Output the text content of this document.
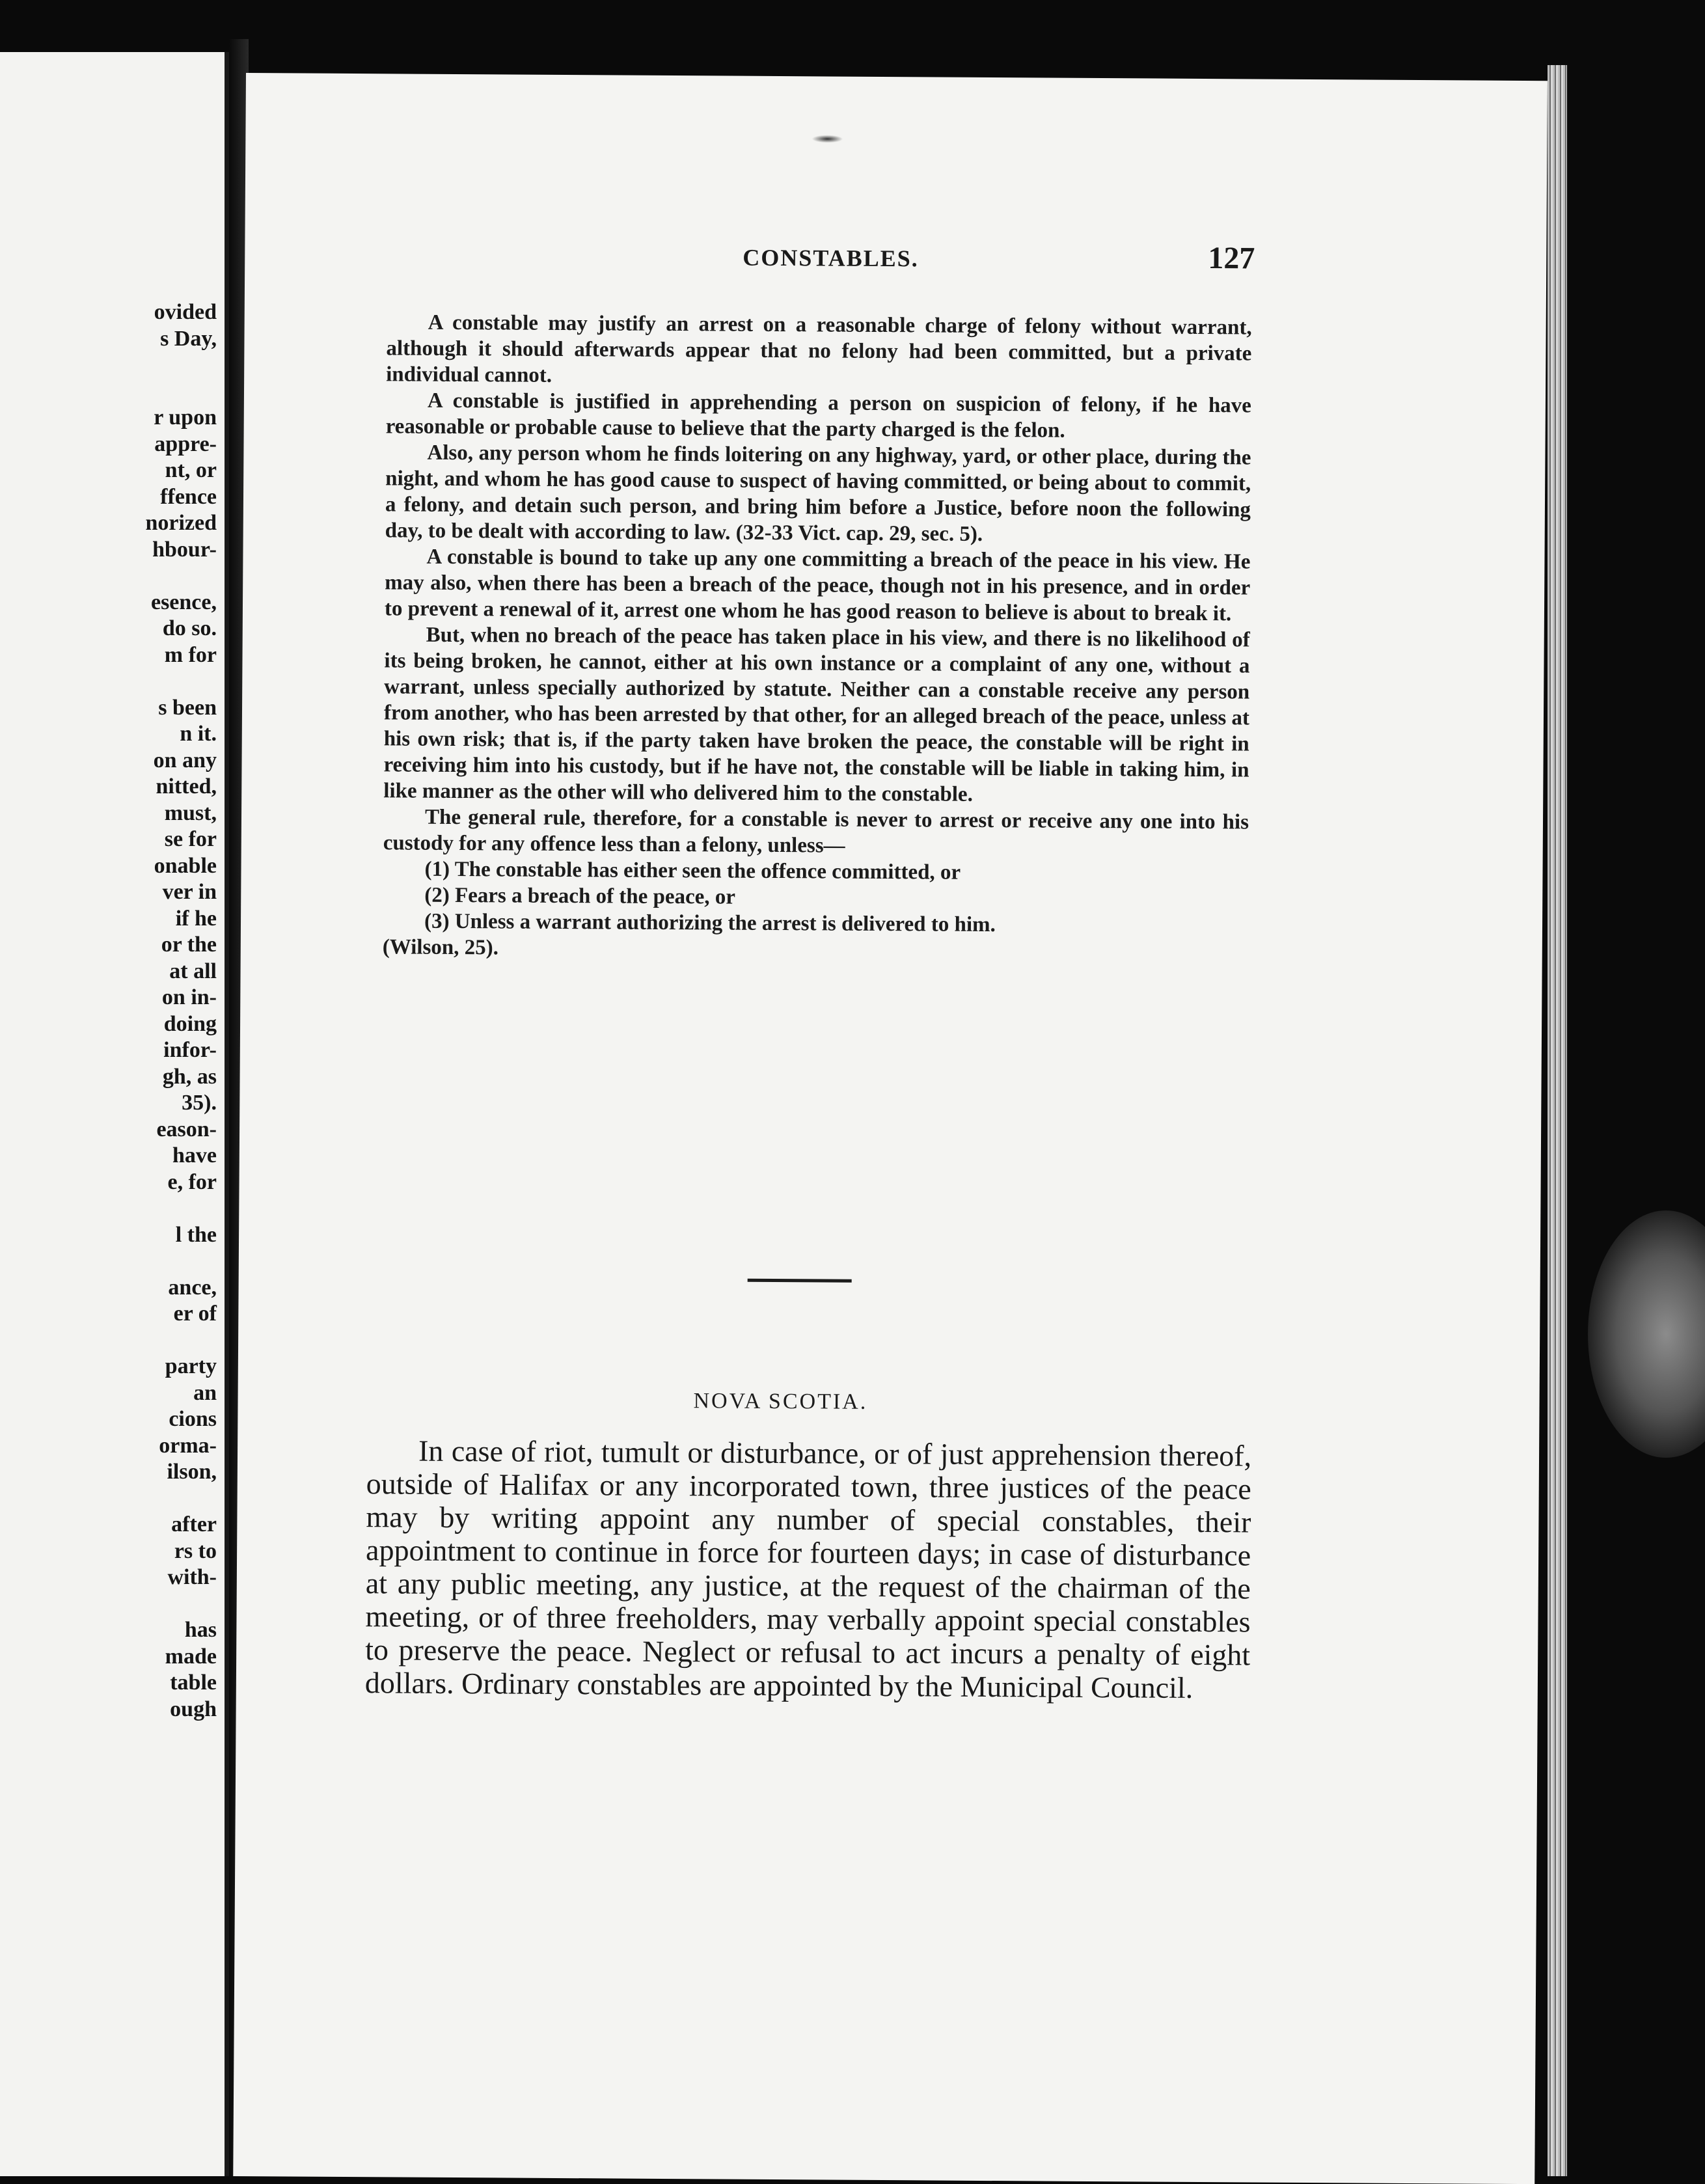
ovided
s Day,
r upon
appre-
nt, or
ffence
norized
hbour-
esence,
do so.
m for
s been
n it.
on any
nitted,
must,
se for
onable
ver in
if he
or the
at all
on in-
doing
infor-
gh, as
35).
eason-
have
e, for
l the
ance,
er of
party
an
cions
orma-
ilson,
after
rs to
with-
has
made
table
ough
CONSTABLES.	127

A constable may justify an arrest on a reasonable charge of felony without warrant, although it should afterwards appear that no felony had been committed, but a private individual cannot.

A constable is justified in apprehending a person on suspicion of felony, if he have reasonable or probable cause to believe that the party charged is the felon.

Also, any person whom he finds loitering on any highway, yard, or other place, during the night, and whom he has good cause to suspect of having committed, or being about to commit, a felony, and detain such person, and bring him before a Justice, before noon the following day, to be dealt with according to law. (32-33 Vict. cap. 29, sec. 5).

A constable is bound to take up any one committing a breach of the peace in his view. He may also, when there has been a breach of the peace, though not in his presence, and in order to prevent a renewal of it, arrest one whom he has good reason to believe is about to break it.

But, when no breach of the peace has taken place in his view, and there is no likelihood of its being broken, he cannot, either at his own instance or a complaint of any one, without a warrant, unless specially authorized by statute. Neither can a constable receive any person from another, who has been arrested by that other, for an alleged breach of the peace, unless at his own risk; that is, if the party taken have broken the peace, the constable will be right in receiving him into his custody, but if he have not, the constable will be liable in taking him, in like manner as the other will who delivered him to the constable.

The general rule, therefore, for a constable is never to arrest or receive any one into his custody for any offence less than a felony, unless—

(1) The constable has either seen the offence committed, or
(2) Fears a breach of the peace, or
(3) Unless a warrant authorizing the arrest is delivered to him.

(Wilson, 25).

NOVA SCOTIA.

In case of riot, tumult or disturbance, or of just apprehension thereof, outside of Halifax or any incorporated town, three justices of the peace may by writing appoint any number of special constables, their appointment to continue in force for fourteen days; in case of disturbance at any public meeting, any justice, at the request of the chairman of the meeting, or of three freeholders, may verbally appoint special constables to preserve the peace. Neglect or refusal to act incurs a penalty of eight dollars. Ordinary constables are appointed by the Municipal Council.
